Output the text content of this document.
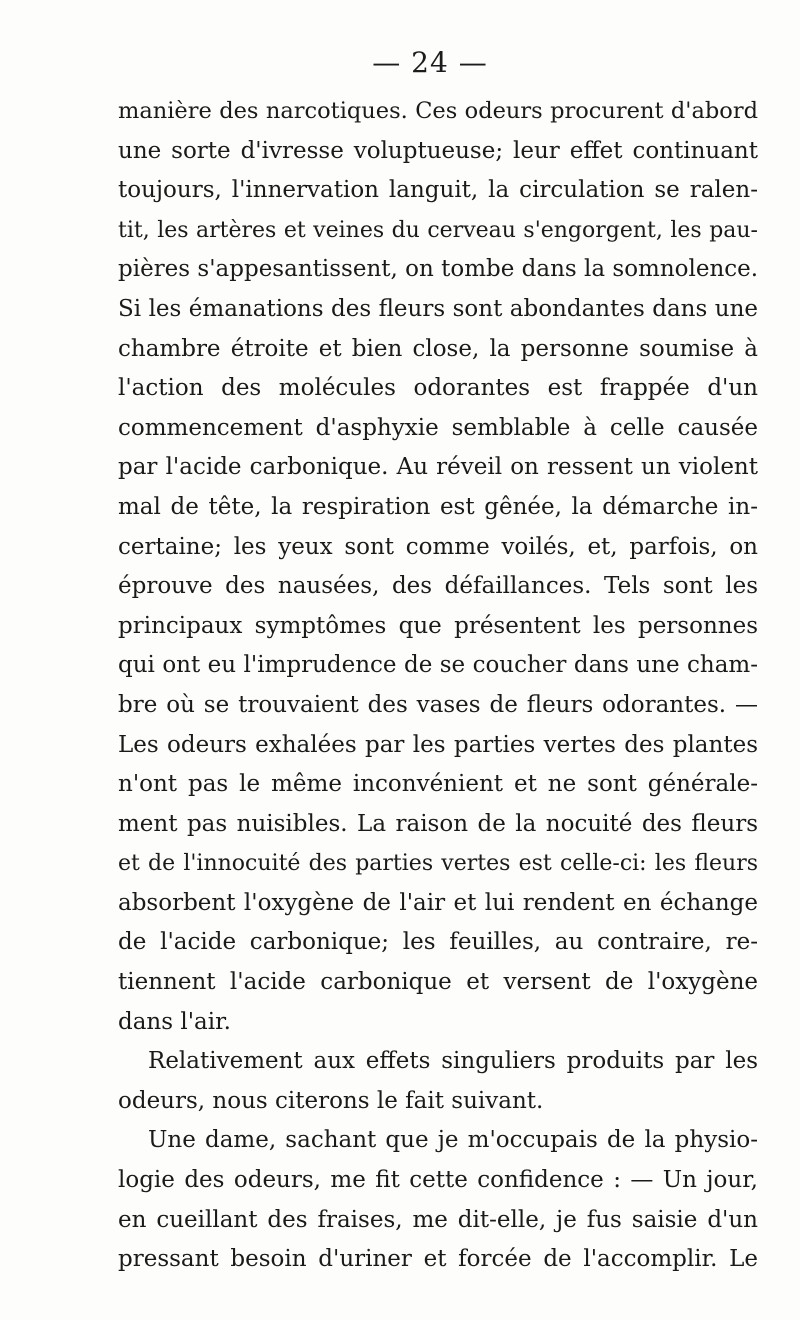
— 24 —
manière des narcotiques. Ces odeurs procurent d'abord
une sorte d'ivresse voluptueuse; leur effet continuant
toujours, l'innervation languit, la circulation se ralen-
tit, les artères et veines du cerveau s'engorgent, les pau-
pières s'appesantissent, on tombe dans la somnolence.
Si les émanations des fleurs sont abondantes dans une
chambre étroite et bien close, la personne soumise à
l'action des molécules odorantes est frappée d'un
commencement d'asphyxie semblable à celle causée
par l'acide carbonique. Au réveil on ressent un violent
mal de tête, la respiration est gênée, la démarche in-
certaine; les yeux sont comme voilés, et, parfois, on
éprouve des nausées, des défaillances. Tels sont les
principaux symptômes que présentent les personnes
qui ont eu l'imprudence de se coucher dans une cham-
bre où se trouvaient des vases de fleurs odorantes. —
Les odeurs exhalées par les parties vertes des plantes
n'ont pas le même inconvénient et ne sont générale-
ment pas nuisibles. La raison de la nocuité des fleurs
et de l'innocuité des parties vertes est celle-ci: les fleurs
absorbent l'oxygène de l'air et lui rendent en échange
de l'acide carbonique; les feuilles, au contraire, re-
tiennent l'acide carbonique et versent de l'oxygène
dans l'air.
Relativement aux effets singuliers produits par les
odeurs, nous citerons le fait suivant.
Une dame, sachant que je m'occupais de la physio-
logie des odeurs, me fit cette confidence : — Un jour,
en cueillant des fraises, me dit-elle, je fus saisie d'un
pressant besoin d'uriner et forcée de l'accomplir. Le
